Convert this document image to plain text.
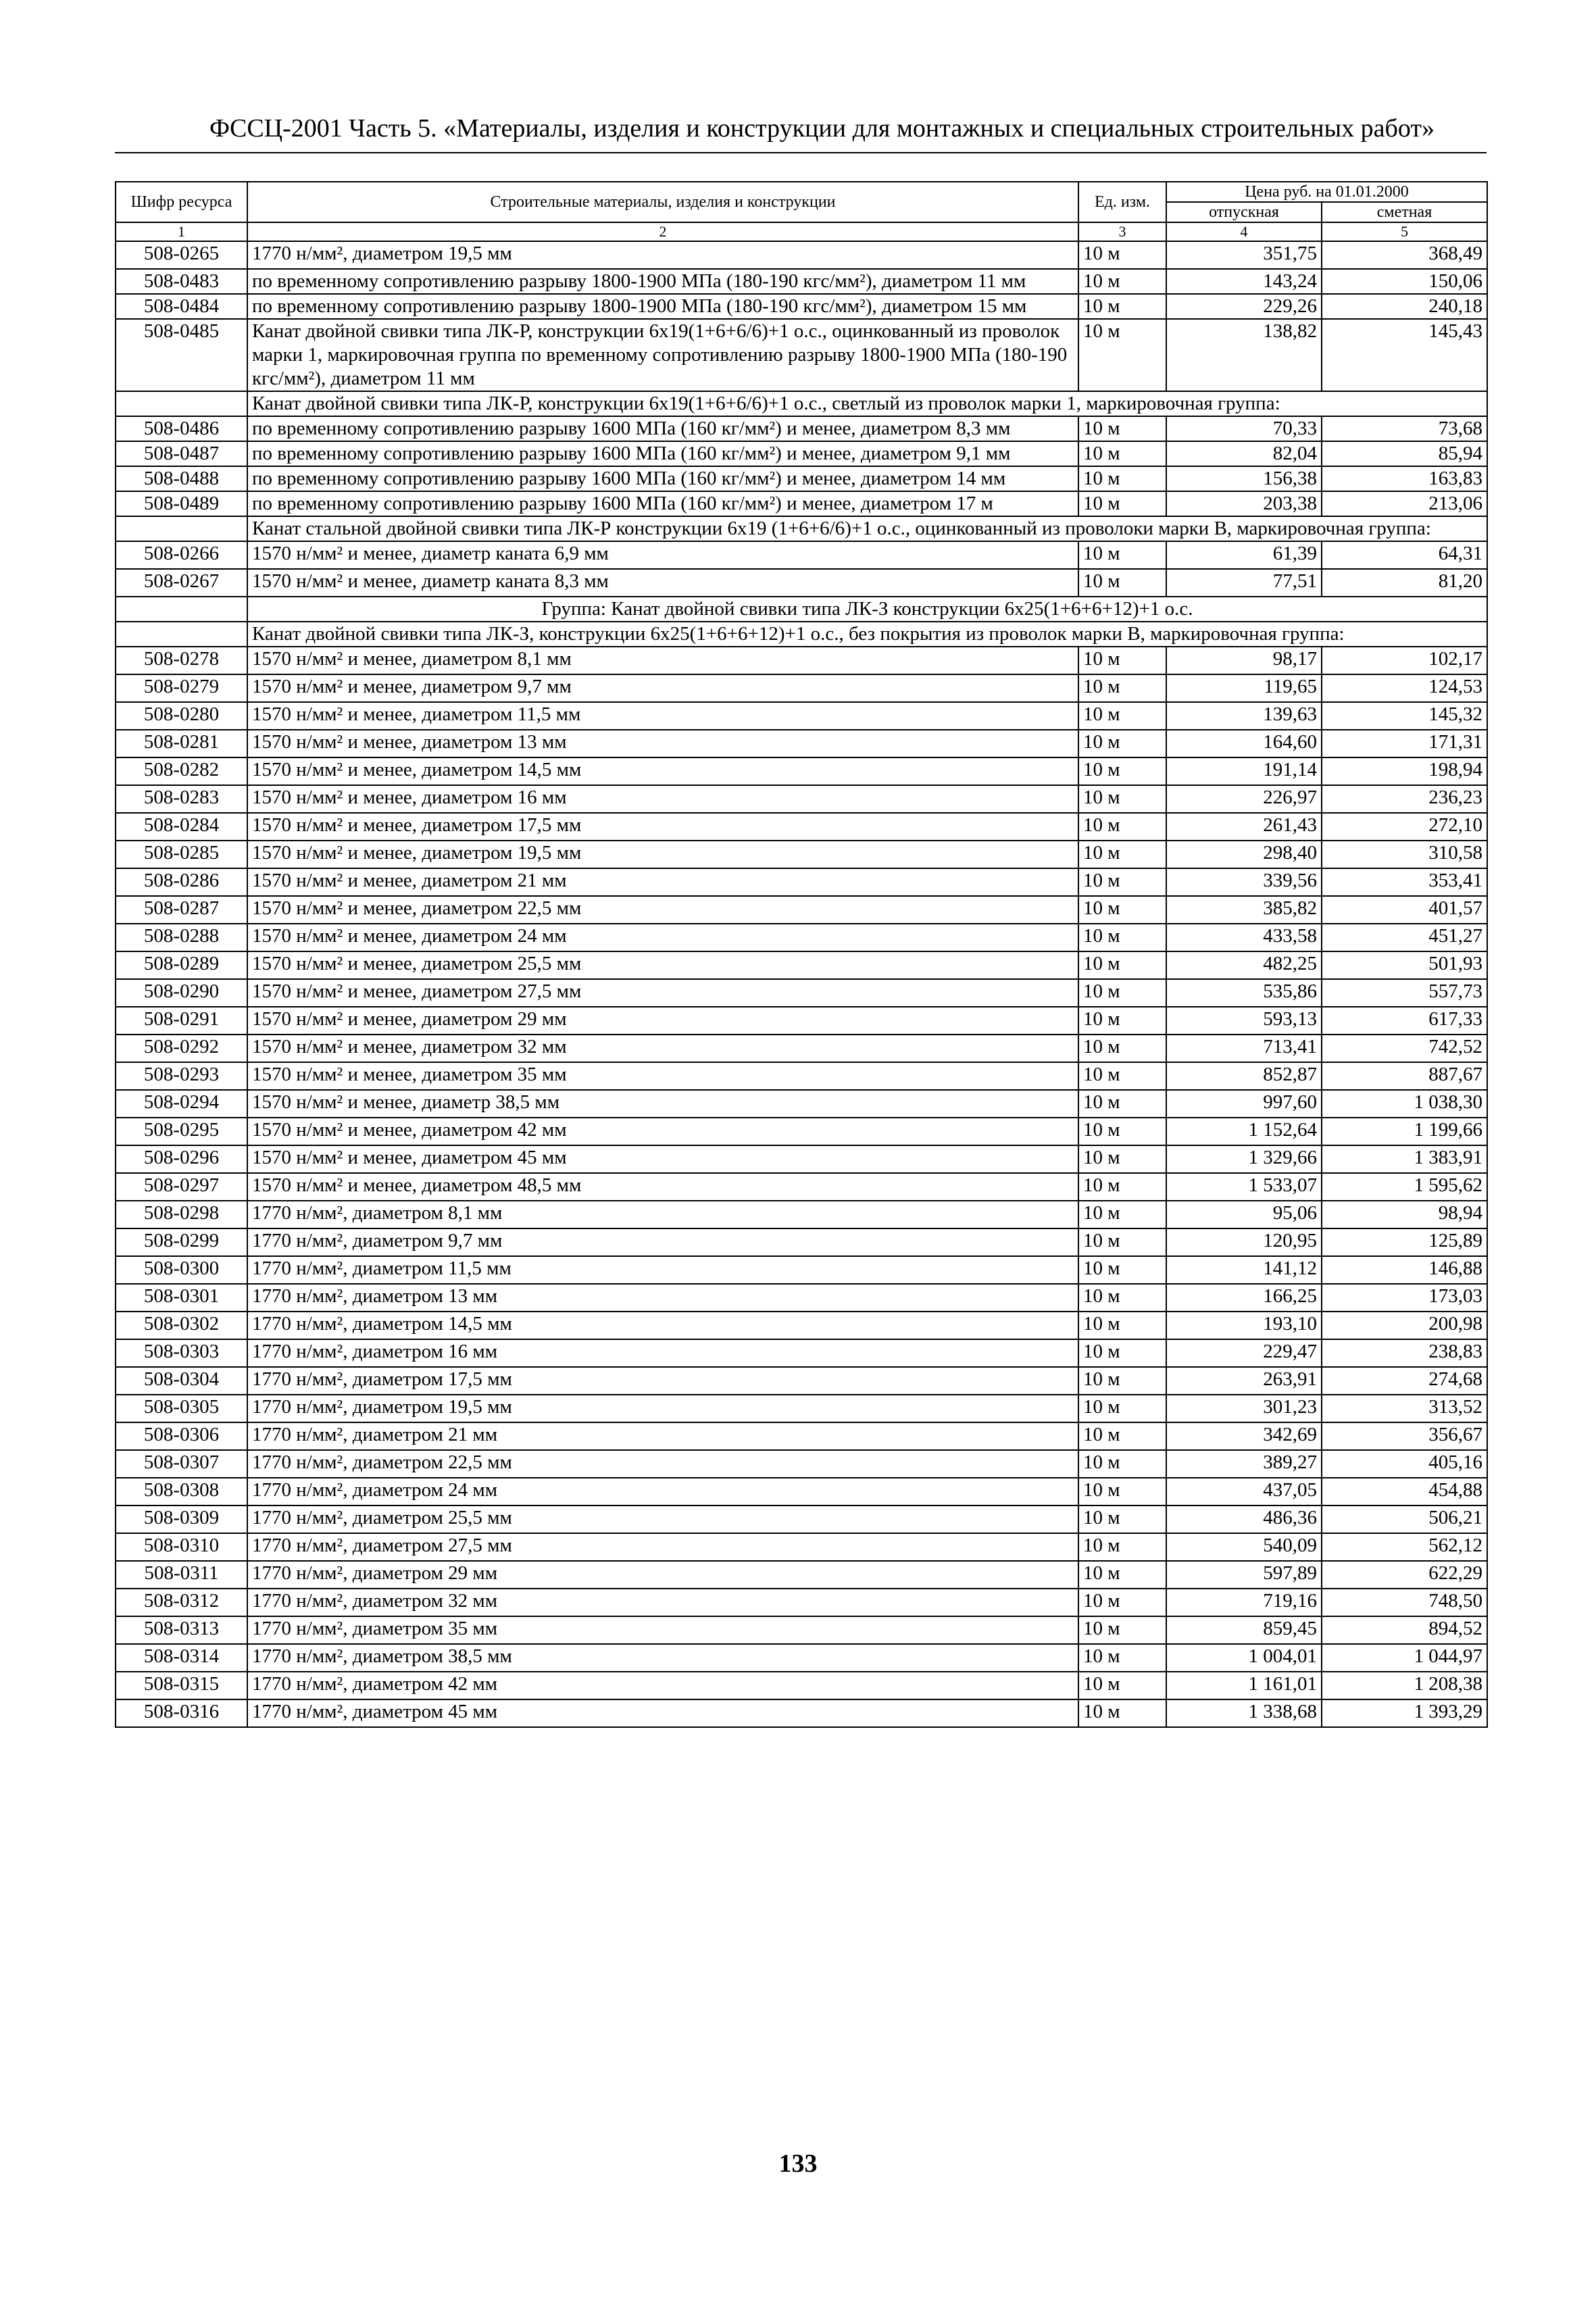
ФССЦ-2001 Часть 5. «Материалы, изделия и конструкции для монтажных и специальных строительных работ»
Шифр ресурса	Строительные материалы, изделия и конструкции	Ед. изм.	Цена руб. на 01.01.2000	
			отпускная	сметная
1	2	3	4	5
508-0265	1770 н/мм², диаметром 19,5 мм	10 м	351,75	368,49
508-0483	по временному сопротивлению разрыву 1800-1900 МПа (180-190 кгс/мм²), диаметром 11 мм	10 м	143,24	150,06
508-0484	по временному сопротивлению разрыву 1800-1900 МПа (180-190 кгс/мм²), диаметром 15 мм	10 м	229,26	240,18
508-0485	Канат двойной свивки типа ЛК-Р, конструкции 6х19(1+6+6/6)+1 о.с., оцинкованный из проволок марки 1, маркировочная группа по временному сопротивлению разрыву 1800-1900 МПа (180-190 кгс/мм²), диаметром 11 мм	10 м	138,82	145,43
	Канат двойной свивки типа ЛК-Р, конструкции 6х19(1+6+6/6)+1 о.с., светлый из проволок марки 1, маркировочная группа:			
508-0486	по временному сопротивлению разрыву 1600 МПа (160 кг/мм²) и менее, диаметром 8,3 мм	10 м	70,33	73,68
508-0487	по временному сопротивлению разрыву 1600 МПа (160 кг/мм²) и менее, диаметром 9,1 мм	10 м	82,04	85,94
508-0488	по временному сопротивлению разрыву 1600 МПа (160 кг/мм²) и менее, диаметром 14 мм	10 м	156,38	163,83
508-0489	по временному сопротивлению разрыву 1600 МПа (160 кг/мм²) и менее, диаметром 17 м	10 м	203,38	213,06
	Канат стальной двойной свивки типа ЛК-Р конструкции 6х19 (1+6+6/6)+1 о.с., оцинкованный из проволоки марки В, маркировочная группа:			
508-0266	1570 н/мм² и менее, диаметр каната 6,9 мм	10 м	61,39	64,31
508-0267	1570 н/мм² и менее, диаметр каната 8,3 мм	10 м	77,51	81,20
	Группа: Канат двойной свивки типа ЛК-З конструкции 6х25(1+6+6+12)+1 о.с.			
	Канат двойной свивки типа ЛК-З, конструкции 6х25(1+6+6+12)+1 о.с., без покрытия из проволок марки В, маркировочная группа:			
508-0278	1570 н/мм² и менее, диаметром 8,1 мм	10 м	98,17	102,17
508-0279	1570 н/мм² и менее, диаметром 9,7 мм	10 м	119,65	124,53
508-0280	1570 н/мм² и менее, диаметром 11,5 мм	10 м	139,63	145,32
508-0281	1570 н/мм² и менее, диаметром 13 мм	10 м	164,60	171,31
508-0282	1570 н/мм² и менее, диаметром 14,5 мм	10 м	191,14	198,94
508-0283	1570 н/мм² и менее, диаметром 16 мм	10 м	226,97	236,23
508-0284	1570 н/мм² и менее, диаметром 17,5 мм	10 м	261,43	272,10
508-0285	1570 н/мм² и менее, диаметром 19,5 мм	10 м	298,40	310,58
508-0286	1570 н/мм² и менее, диаметром 21 мм	10 м	339,56	353,41
508-0287	1570 н/мм² и менее, диаметром 22,5 мм	10 м	385,82	401,57
508-0288	1570 н/мм² и менее, диаметром 24 мм	10 м	433,58	451,27
508-0289	1570 н/мм² и менее, диаметром 25,5 мм	10 м	482,25	501,93
508-0290	1570 н/мм² и менее, диаметром 27,5 мм	10 м	535,86	557,73
508-0291	1570 н/мм² и менее, диаметром 29 мм	10 м	593,13	617,33
508-0292	1570 н/мм² и менее, диаметром 32 мм	10 м	713,41	742,52
508-0293	1570 н/мм² и менее, диаметром 35 мм	10 м	852,87	887,67
508-0294	1570 н/мм² и менее, диаметр 38,5 мм	10 м	997,60	1 038,30
508-0295	1570 н/мм² и менее, диаметром 42 мм	10 м	1 152,64	1 199,66
508-0296	1570 н/мм² и менее, диаметром 45 мм	10 м	1 329,66	1 383,91
508-0297	1570 н/мм² и менее, диаметром 48,5 мм	10 м	1 533,07	1 595,62
508-0298	1770 н/мм², диаметром 8,1 мм	10 м	95,06	98,94
508-0299	1770 н/мм², диаметром 9,7 мм	10 м	120,95	125,89
508-0300	1770 н/мм², диаметром 11,5 мм	10 м	141,12	146,88
508-0301	1770 н/мм², диаметром 13 мм	10 м	166,25	173,03
508-0302	1770 н/мм², диаметром 14,5 мм	10 м	193,10	200,98
508-0303	1770 н/мм², диаметром 16 мм	10 м	229,47	238,83
508-0304	1770 н/мм², диаметром 17,5 мм	10 м	263,91	274,68
508-0305	1770 н/мм², диаметром 19,5 мм	10 м	301,23	313,52
508-0306	1770 н/мм², диаметром 21 мм	10 м	342,69	356,67
508-0307	1770 н/мм², диаметром 22,5 мм	10 м	389,27	405,16
508-0308	1770 н/мм², диаметром 24 мм	10 м	437,05	454,88
508-0309	1770 н/мм², диаметром 25,5 мм	10 м	486,36	506,21
508-0310	1770 н/мм², диаметром 27,5 мм	10 м	540,09	562,12
508-0311	1770 н/мм², диаметром 29 мм	10 м	597,89	622,29
508-0312	1770 н/мм², диаметром 32 мм	10 м	719,16	748,50
508-0313	1770 н/мм², диаметром 35 мм	10 м	859,45	894,52
508-0314	1770 н/мм², диаметром 38,5 мм	10 м	1 004,01	1 044,97
508-0315	1770 н/мм², диаметром 42 мм	10 м	1 161,01	1 208,38
508-0316	1770 н/мм², диаметром 45 мм	10 м	1 338,68	1 393,29
133
